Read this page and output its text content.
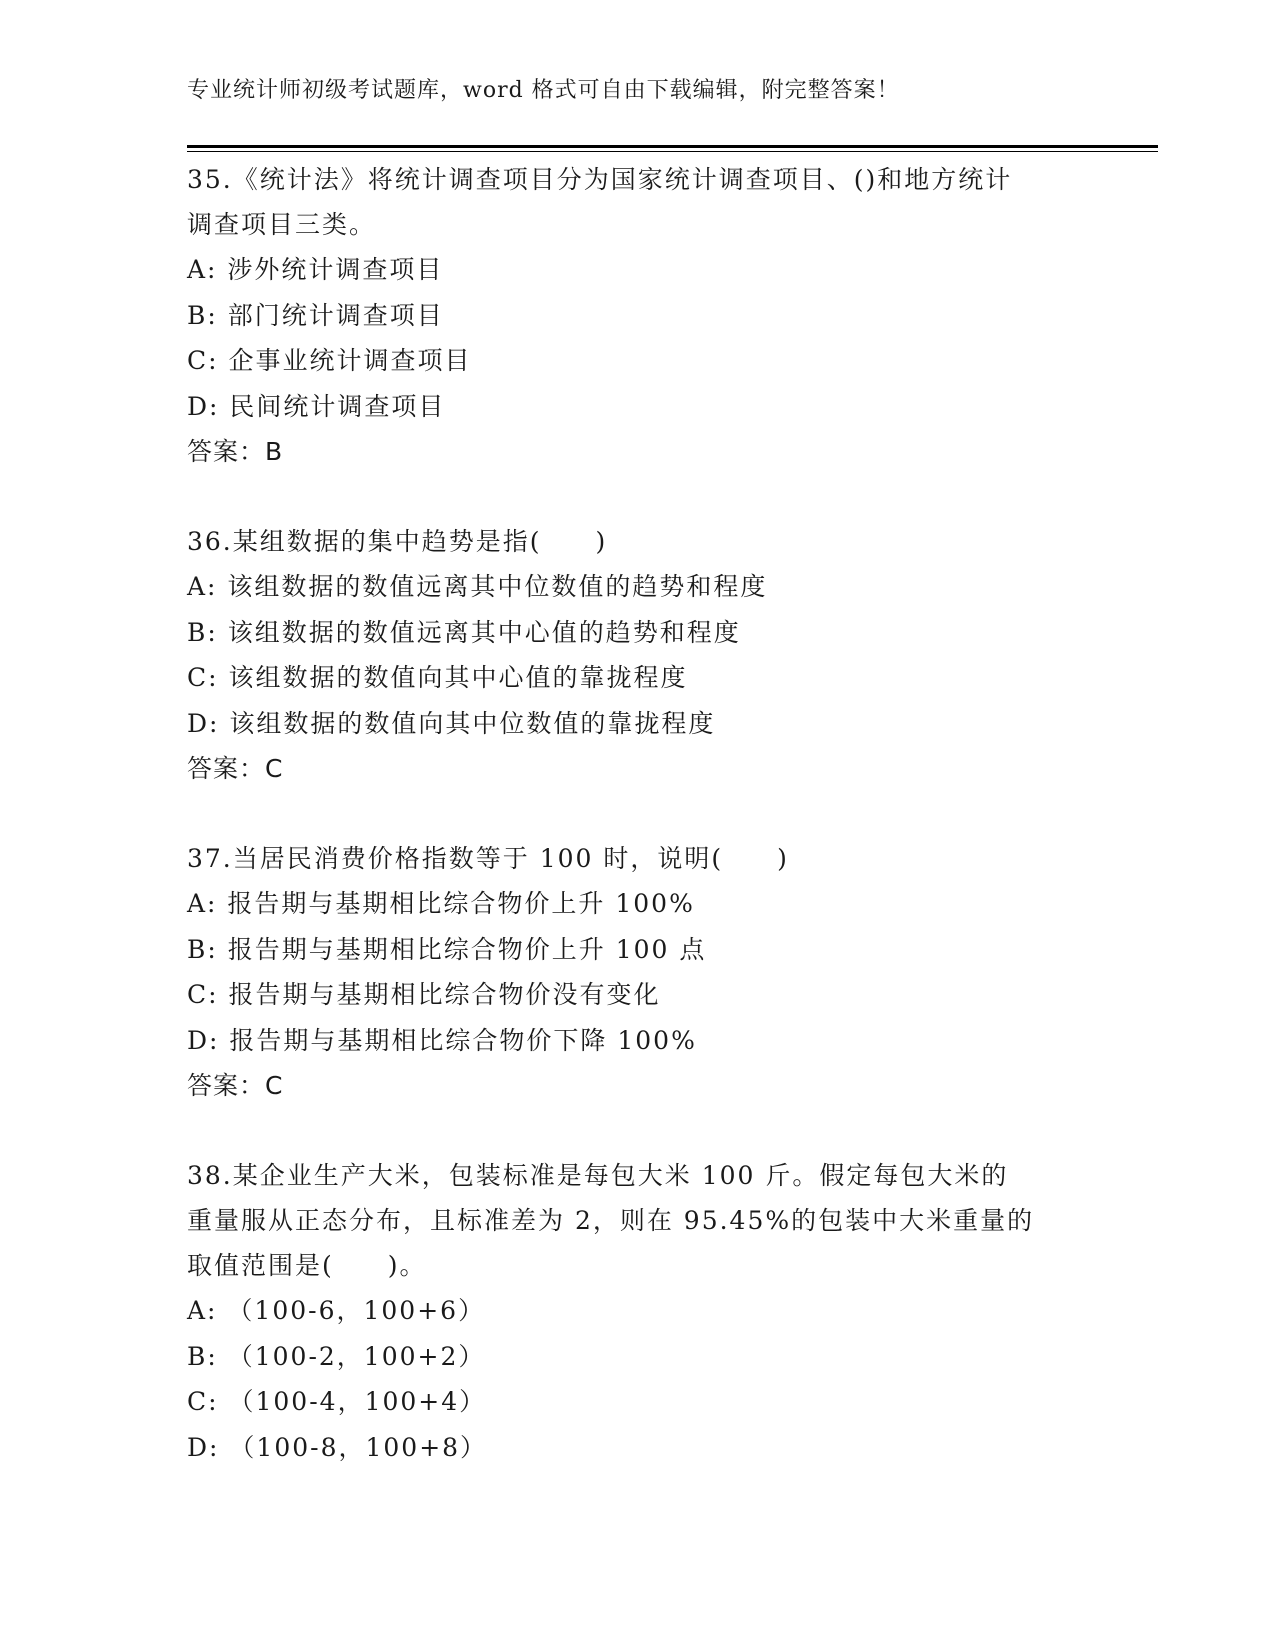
专业统计师初级考试题库，word 格式可自由下载编辑，附完整答案！

35.《统计法》将统计调查项目分为国家统计调查项目、()和地方统计

调查项目三类。

A: 涉外统计调查项目

B: 部门统计调查项目

C: 企事业统计调查项目

D: 民间统计调查项目

答案：B

36.某组数据的集中趋势是指(　　)

A: 该组数据的数值远离其中位数值的趋势和程度

B: 该组数据的数值远离其中心值的趋势和程度

C: 该组数据的数值向其中心值的靠拢程度

D: 该组数据的数值向其中位数值的靠拢程度

答案：C

37.当居民消费价格指数等于 100 时，说明(　　)

A: 报告期与基期相比综合物价上升 100%

B: 报告期与基期相比综合物价上升 100 点

C: 报告期与基期相比综合物价没有变化

D: 报告期与基期相比综合物价下降 100%

答案：C

38.某企业生产大米，包装标准是每包大米 100 斤。假定每包大米的

重量服从正态分布，且标准差为 2，则在 95.45%的包装中大米重量的

取值范围是(　　)。

A: （100-6，100+6）

B: （100-2，100+2）

C: （100-4，100+4）

D: （100-8，100+8）
